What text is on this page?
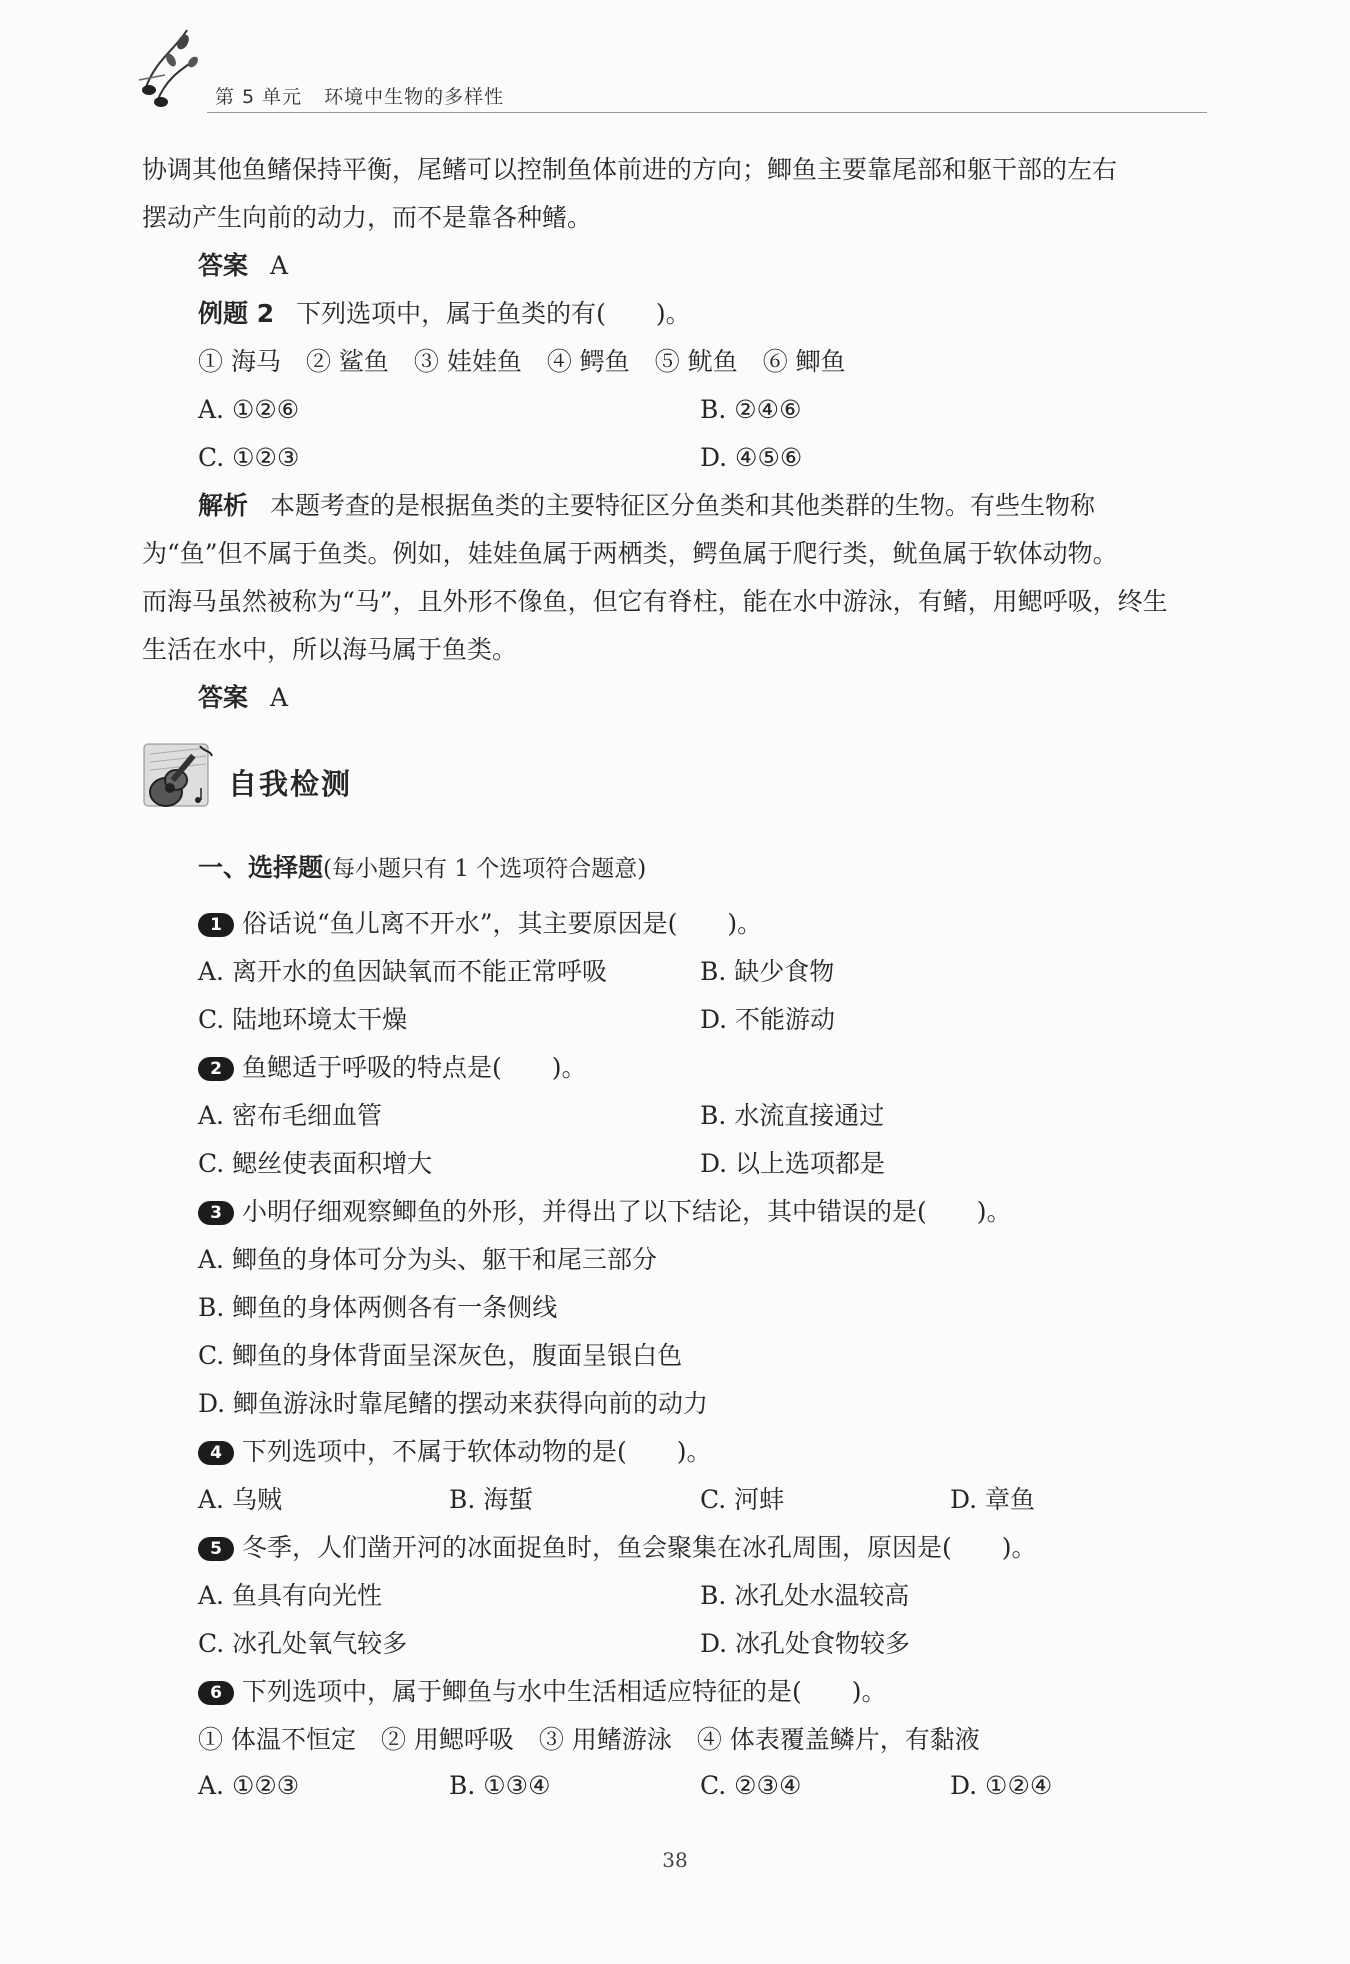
第 5 单元 环境中生物的多样性
协调其他鱼鳍保持平衡，尾鳍可以控制鱼体前进的方向；鲫鱼主要靠尾部和躯干部的左右
摆动产生向前的动力，而不是靠各种鳍。
答案 A
例题 2 下列选项中，属于鱼类的有(　　)。
① 海马　② 鲨鱼　③ 娃娃鱼　④ 鳄鱼　⑤ 鱿鱼　⑥ 鲫鱼
A. ①②⑥	B. ②④⑥
C. ①②③	D. ④⑤⑥
解析 本题考查的是根据鱼类的主要特征区分鱼类和其他类群的生物。有些生物称
为“鱼”但不属于鱼类。例如，娃娃鱼属于两栖类，鳄鱼属于爬行类，鱿鱼属于软体动物。
而海马虽然被称为“马”，且外形不像鱼，但它有脊柱，能在水中游泳，有鳍，用鳃呼吸，终生
生活在水中，所以海马属于鱼类。
答案 A
自我检测
一、选择题(每小题只有 1 个选项符合题意)
1 俗话说“鱼儿离不开水”，其主要原因是(　　)。
A. 离开水的鱼因缺氧而不能正常呼吸	B. 缺少食物
C. 陆地环境太干燥	D. 不能游动
2 鱼鳃适于呼吸的特点是(　　)。
A. 密布毛细血管	B. 水流直接通过
C. 鳃丝使表面积增大	D. 以上选项都是
3 小明仔细观察鲫鱼的外形，并得出了以下结论，其中错误的是(　　)。
A. 鲫鱼的身体可分为头、躯干和尾三部分
B. 鲫鱼的身体两侧各有一条侧线
C. 鲫鱼的身体背面呈深灰色，腹面呈银白色
D. 鲫鱼游泳时靠尾鳍的摆动来获得向前的动力
4 下列选项中，不属于软体动物的是(　　)。
A. 乌贼	B. 海蜇	C. 河蚌	D. 章鱼
5 冬季，人们凿开河的冰面捉鱼时，鱼会聚集在冰孔周围，原因是(　　)。
A. 鱼具有向光性	B. 冰孔处水温较高
C. 冰孔处氧气较多	D. 冰孔处食物较多
6 下列选项中，属于鲫鱼与水中生活相适应特征的是(　　)。
① 体温不恒定　② 用鳃呼吸　③ 用鳍游泳　④ 体表覆盖鳞片，有黏液
A. ①②③	B. ①③④	C. ②③④	D. ①②④
38
